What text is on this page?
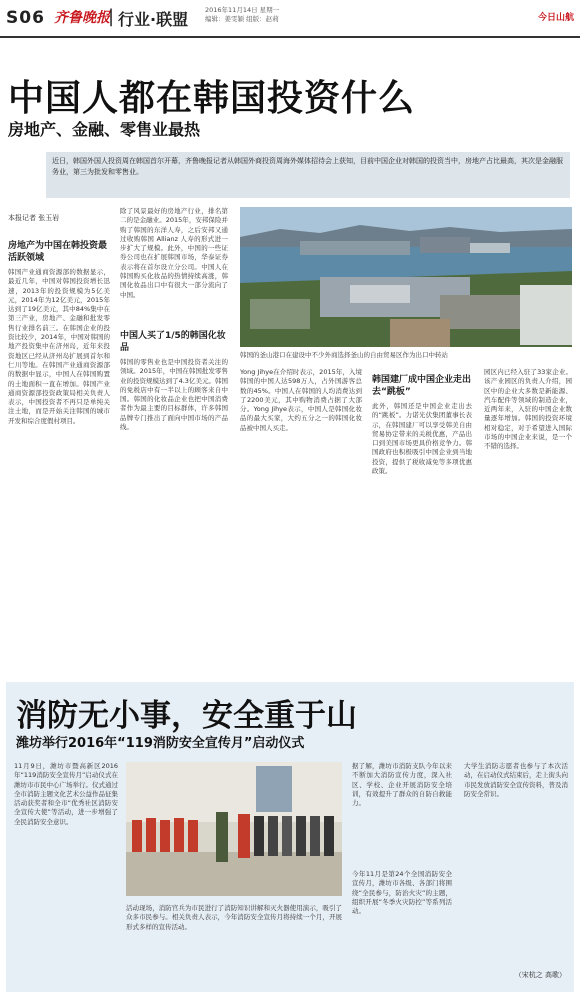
S06 齐鲁晚报
| 行业·联盟	2016年11月14日 星期一
编辑：姜雯颖 组版：赵莉	今日山航
中国人都在韩国投资什么
房地产、金融、零售业最热
近日，韩国外国人投资周在韩国首尔开幕，齐鲁晚报记者从韩国外商投资周海外媒体招待会上获知，目前中国企业对韩国的投资当中，房地产占比最高，其次是金融服务业，第三为批发和零售业。
本报记者 张玉岩
房地产为中国在韩投资最活跃领域
韩国产业通商资源部的数据显示，最近几年，中国对韩国投资增长迅速，2013年的投资规模为5亿美元，2014年为12亿美元，2015年达到了19亿美元，其中84%集中在第三产业，房地产、金融和批发零售行业排名前三。在韩国企业的投资比较少，2014年，中国对韩国的地产投资集中在济州岛，近年来投资地区已经从济州岛扩展到首尔和仁川等地。在韩国产业通商资源部的数据中显示，中国人在韩国购置的土地面积一直在增加。韩国产业通商资源部投资政策局相关负责人表示，中国投资者不再只是单纯关注土地，而是开始关注韩国的城市开发和综合度假村项目。
除了风景最好的房地产行业，排名第二的是金融业。2015年，安邦保险并购了韩国的东洋人寿，之后安邦又通过收购韩国 Allianz 人寿的形式进一步扩大了规模。此外，中国的一些证券公司也在扩展韩国市场，华泰证券表示将在首尔设立分公司。中国人在韩国购买化妆品的热情持续高涨，韩国化妆品出口中有很大一部分流向了中国。
中国人买了1/5的韩国化妆品
韩国的零售业也是中国投资者关注的领域。2015年，中国在韩国批发零售业的投资规模达到了4.3亿美元。韩国的免税店中有一半以上的顾客来自中国。韩国的化妆品企业也把中国消费者作为最主要的目标群体，许多韩国品牌专门推出了面向中国市场的产品线。
韩国的釜山港口在建设中不少外商选择釜山的自由贸易区作为出口中转站
Yong Jihye在介绍时表示，2015年，入境韩国的中国人达598万人，占外国游客总数的45%。中国人在韩国的人均消费达到了2200美元，其中购物消费占据了大部分。Yong Jihye表示，中国人是韩国化妆品的最大买家，大约五分之一的韩国化妆品被中国人买走。
韩国建厂成中国企业走出去“跳板”
此外，韩国还是中国企业走出去的“跳板”。力诺光伏集团董事长表示，在韩国建厂可以享受韩美自由贸易协定带来的关税优惠，产品出口到美国市场更具价格竞争力。韩国政府也积极吸引中国企业到当地投资，提供了税收减免等多项优惠政策。
园区内已经入驻了33家企业。该产业园区的负责人介绍，园区中的企业大多数是新能源、汽车配件等领域的制造企业，近两年来，入驻的中国企业数量逐年增加。韩国的投资环境相对稳定，对于希望进入国际市场的中国企业来说，是一个不错的选择。
消防无小事，安全重于山
潍坊举行2016年“119消防安全宣传月”启动仪式
11月9日，潍坊市暨高新区2016年“119消防安全宣传月”启动仪式在潍坊市市民中心广场举行。仪式通过全市消防主题文化艺术公益作品征集活动获奖者和全市“优秀社区消防安全宣传大使”等活动，进一步增强了全民消防安全意识。
活动现场，消防官兵为市民进行了消防知识讲解和灭火器使用演示，吸引了众多市民参与。相关负责人表示，今年消防安全宣传月将持续一个月，开展形式多样的宣传活动。
据了解，潍坊市消防支队今年以来不断加大消防宣传力度，深入社区、学校、企业开展消防安全培训，有效提升了群众的自防自救能力。
今年11月是第24个全国消防安全宣传月，潍坊市各级、各部门将围绕“全民参与，防治火灾”的主题，组织开展“冬季火灾防控”等系列活动。
大学生消防志愿者也参与了本次活动，在启动仪式结束后，走上街头向市民发放消防安全宣传资料，普及消防安全常识。
（宋杭之 高歌）
